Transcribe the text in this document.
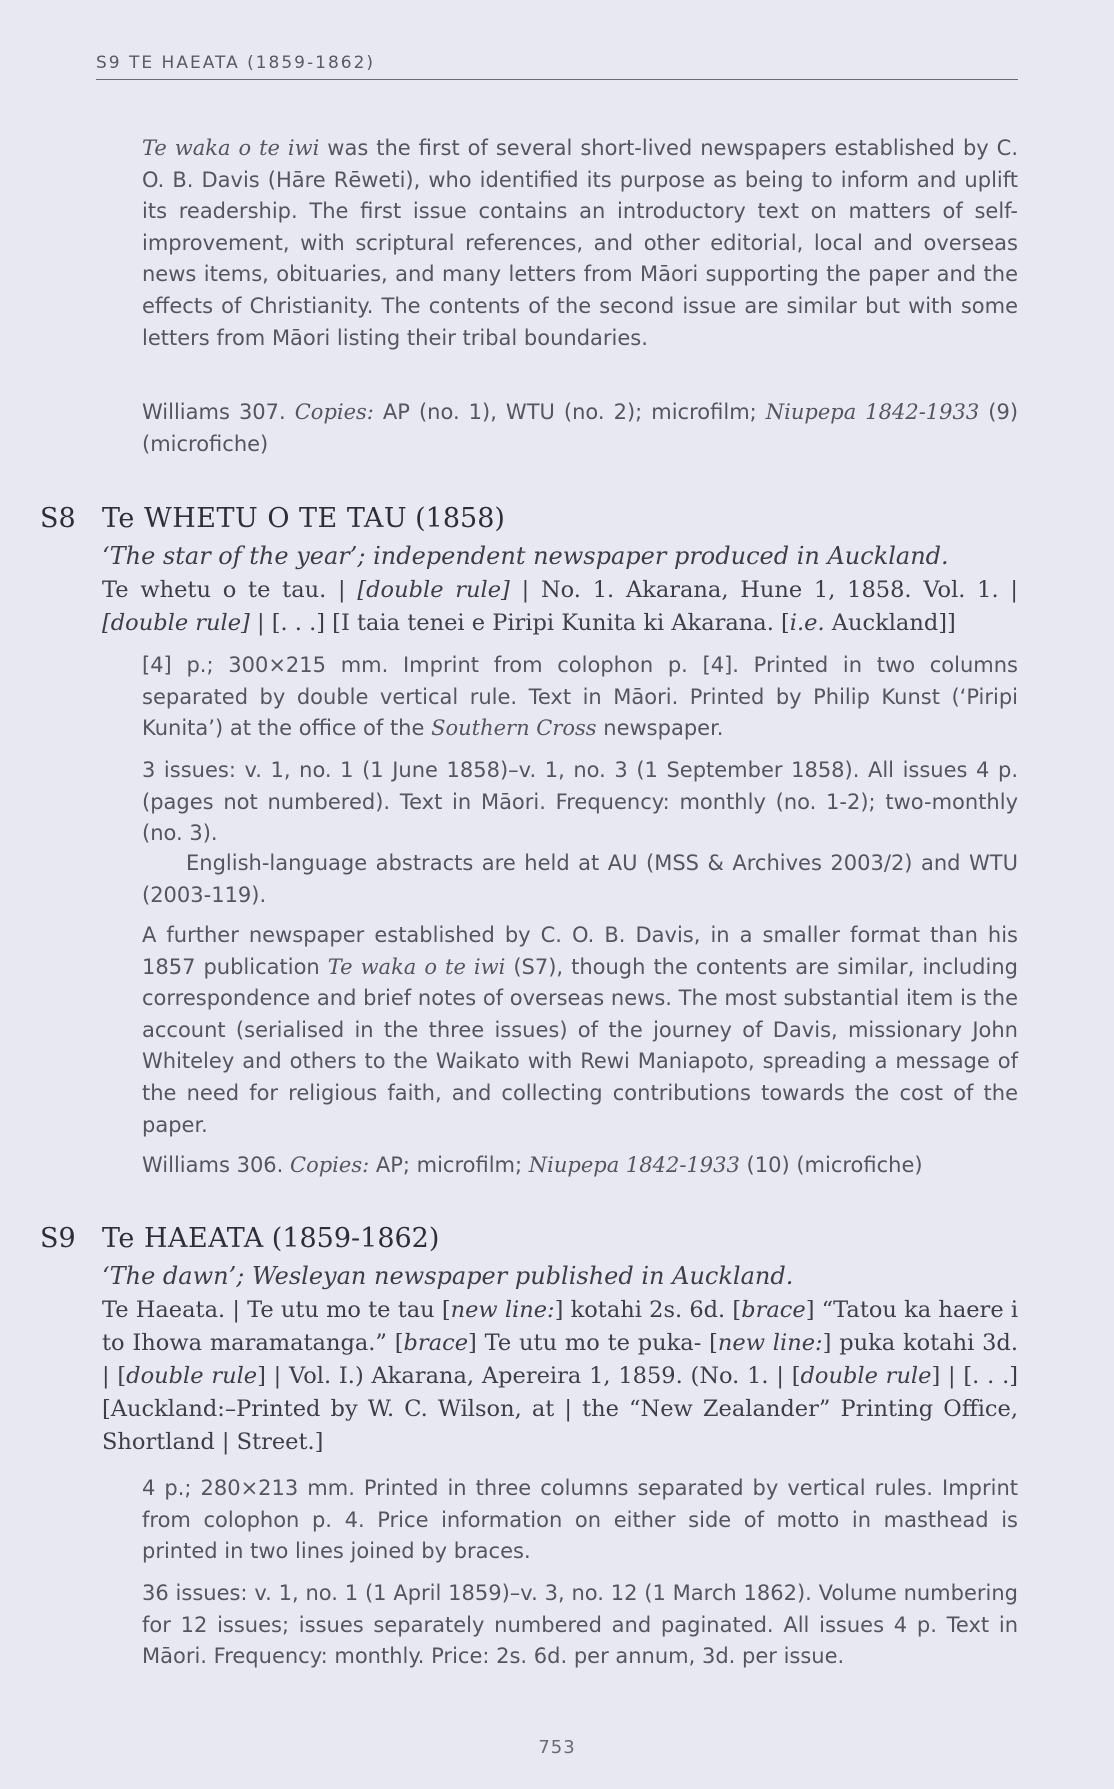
S9 TE HAEATA (1859-1862)

Te waka o te iwi was the first of several short-lived newspapers established by C. O. B. Davis (Hāre Rēweti), who identified its purpose as being to inform and uplift its readership. The first issue contains an introductory text on matters of self-improvement, with scriptural references, and other editorial, local and overseas news items, obituaries, and many letters from Māori supporting the paper and the effects of Christianity. The contents of the second issue are similar but with some letters from Māori listing their tribal boundaries.

Williams 307. Copies: AP (no. 1), WTU (no. 2); microfilm; Niupepa 1842-1933 (9) (microfiche)

S8 Te WHETU O TE TAU (1858)
‘The star of the year’; independent newspaper produced in Auckland.

Te whetu o te tau. | [double rule] | No. 1. Akarana, Hune 1, 1858. Vol. 1. | [double rule] | [. . .] [I taia tenei e Piripi Kunita ki Akarana. [i.e. Auckland]]

[4] p.; 300×215 mm. Imprint from colophon p. [4]. Printed in two columns separated by double vertical rule. Text in Māori. Printed by Philip Kunst (‘Piripi Kunita’) at the office of the Southern Cross newspaper.

3 issues: v. 1, no. 1 (1 June 1858)–v. 1, no. 3 (1 September 1858). All issues 4 p. (pages not numbered). Text in Māori. Frequency: monthly (no. 1-2); two-monthly (no. 3).

English-language abstracts are held at AU (MSS & Archives 2003/2) and WTU (2003-119).

A further newspaper established by C. O. B. Davis, in a smaller format than his 1857 publication Te waka o te iwi (S7), though the contents are similar, including correspondence and brief notes of overseas news. The most substantial item is the account (serialised in the three issues) of the journey of Davis, missionary John Whiteley and others to the Waikato with Rewi Maniapoto, spreading a message of the need for religious faith, and collecting contributions towards the cost of the paper.

Williams 306. Copies: AP; microfilm; Niupepa 1842-1933 (10) (microfiche)

S9 Te HAEATA (1859-1862)
‘The dawn’; Wesleyan newspaper published in Auckland.

Te Haeata. | Te utu mo te tau [new line:] kotahi 2s. 6d. [brace] “Tatou ka haere i to Ihowa maramatanga.” [brace] Te utu mo te puka- [new line:] puka kotahi 3d. | [double rule] | Vol. I.) Akarana, Apereira 1, 1859. (No. 1. | [double rule] | [. . .] [Auckland:–Printed by W. C. Wilson, at | the “New Zealander” Printing Office, Shortland | Street.]

4 p.; 280×213 mm. Printed in three columns separated by vertical rules. Imprint from colophon p. 4. Price information on either side of motto in masthead is printed in two lines joined by braces.

36 issues: v. 1, no. 1 (1 April 1859)–v. 3, no. 12 (1 March 1862). Volume numbering for 12 issues; issues separately numbered and paginated. All issues 4 p. Text in Māori. Frequency: monthly. Price: 2s. 6d. per annum, 3d. per issue.

753
